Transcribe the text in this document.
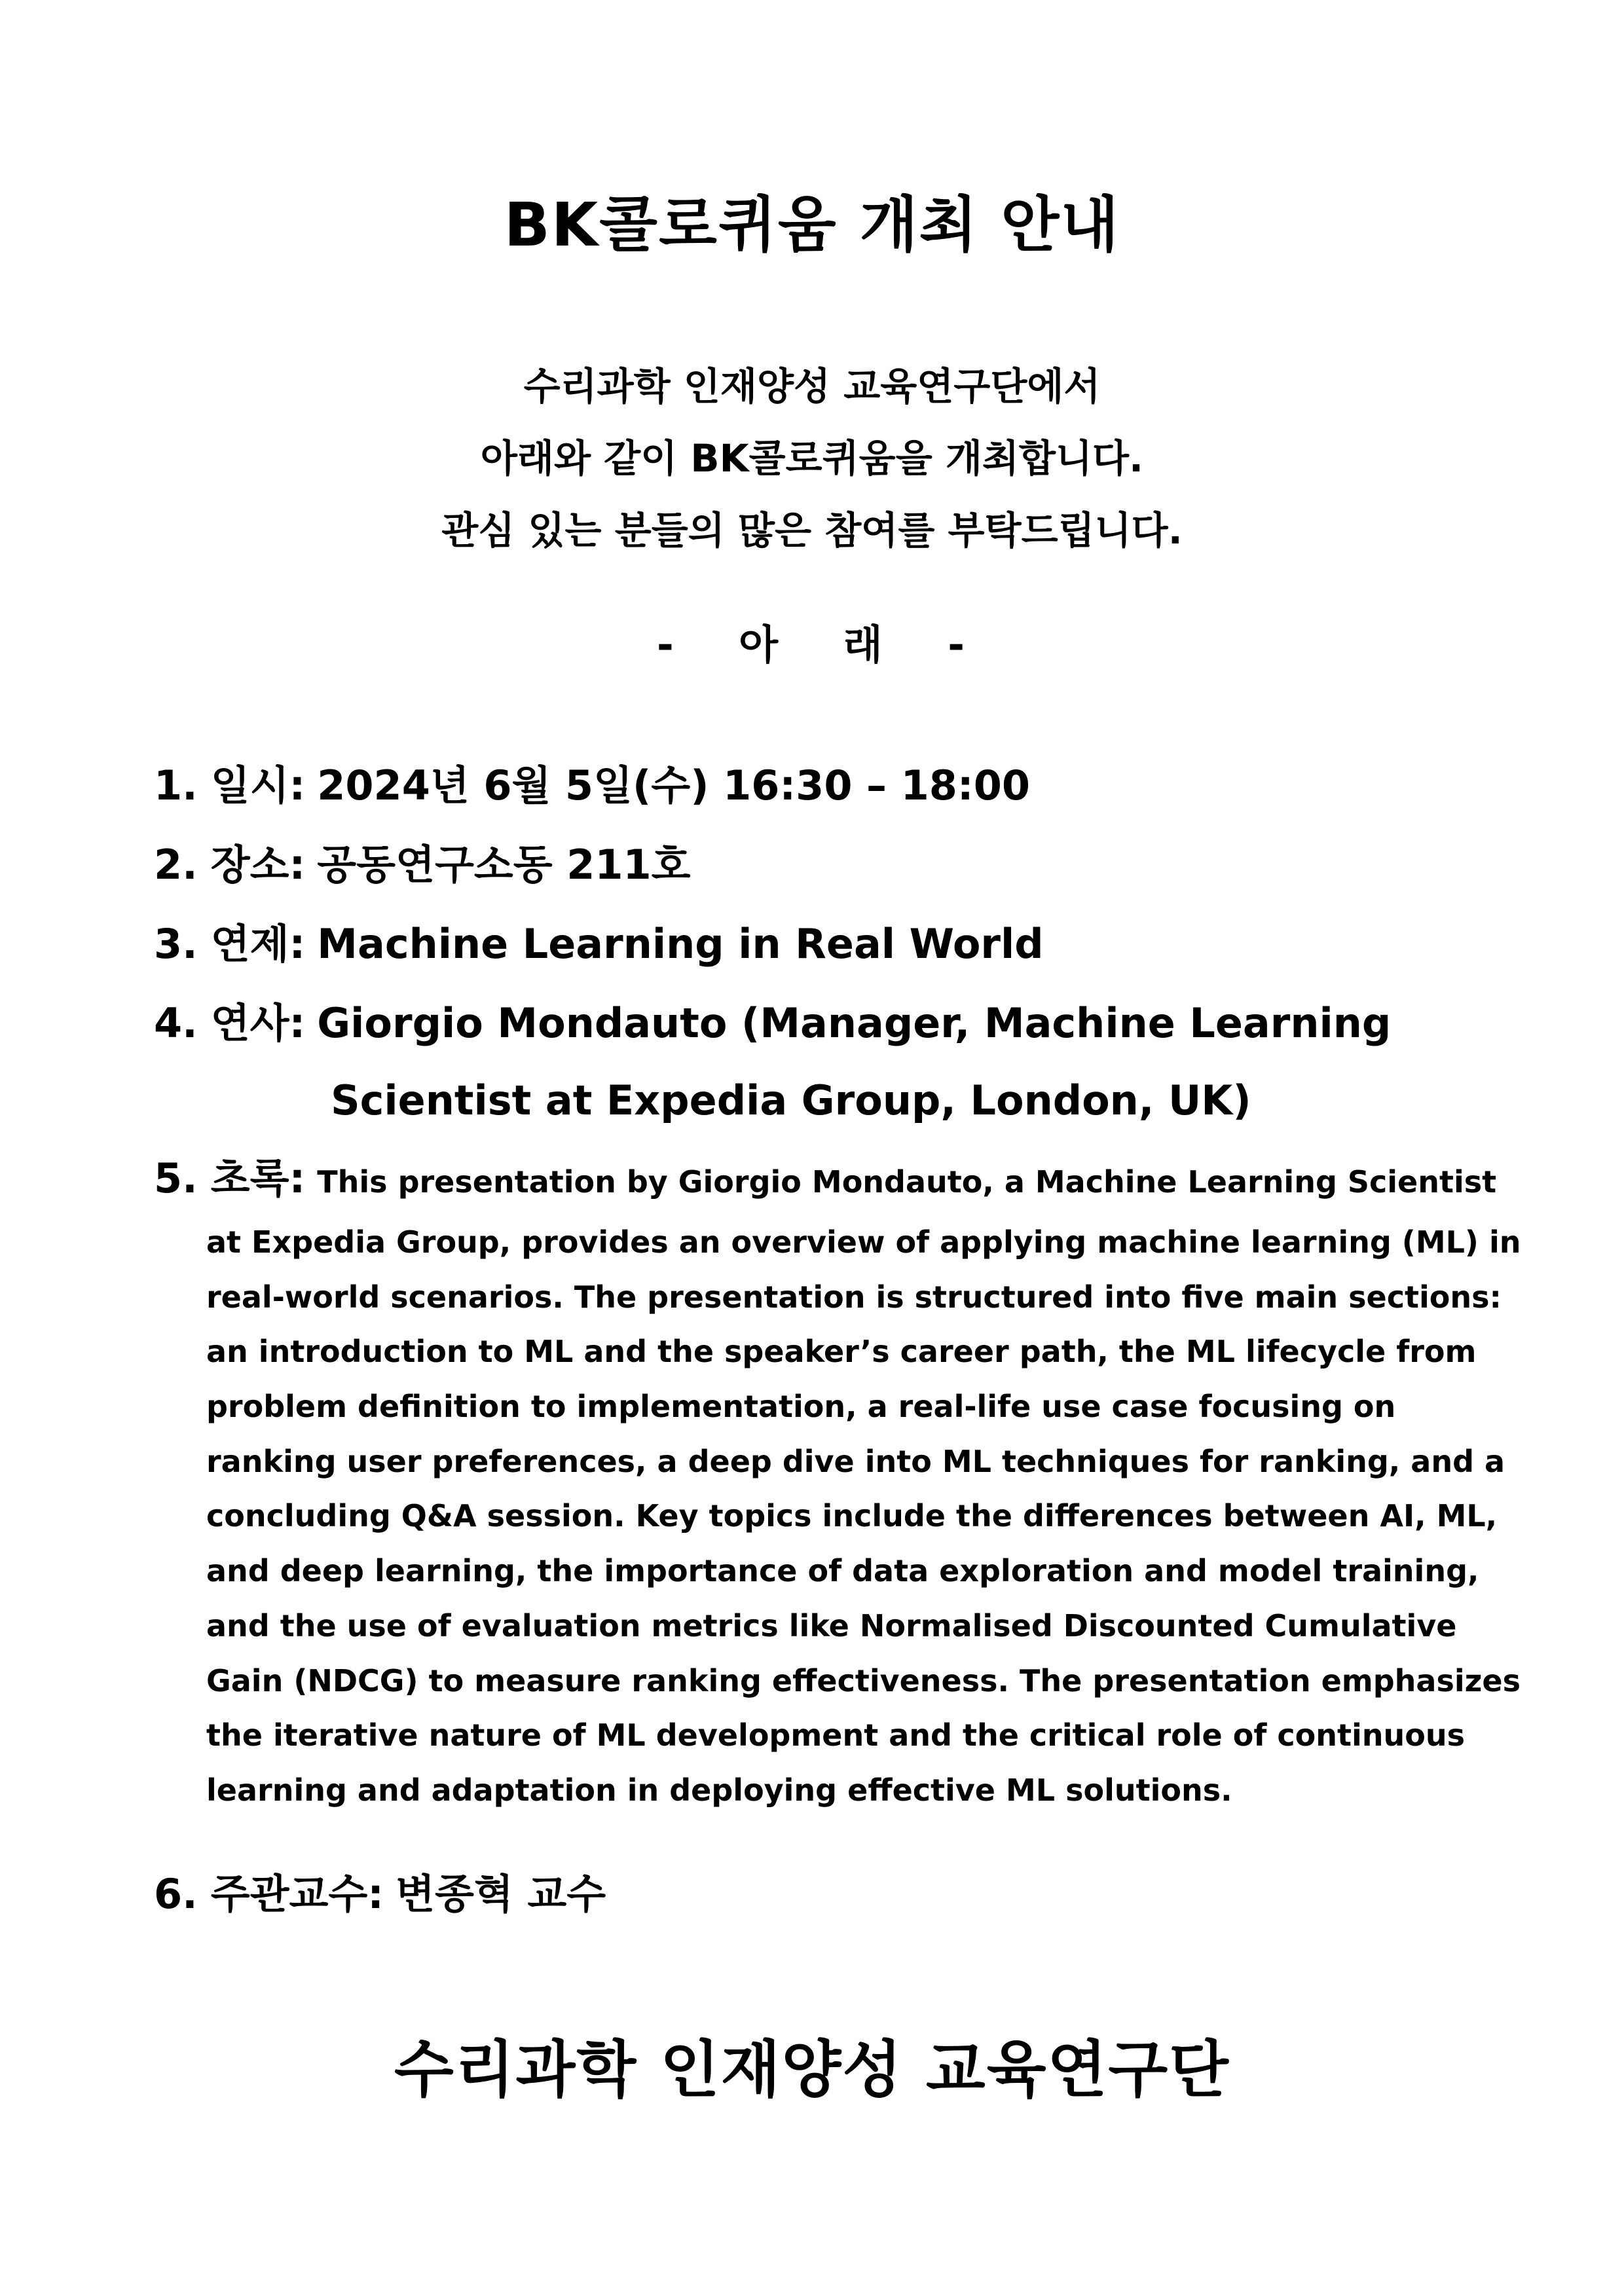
BK콜로퀴움 개최 안내
수리과학 인재양성 교육연구단에서
아래와 같이 BK콜로퀴움을 개최합니다.
관심 있는 분들의 많은 참여를 부탁드립니다.
- 아 래 -
1. 일시: 2024년 6월 5일(수) 16:30 – 18:00
2. 장소: 공동연구소동 211호
3. 연제: Machine Learning in Real World
4. 연사: Giorgio Mondauto (Manager, Machine Learning
Scientist at Expedia Group, London, UK)
5. 초록: This presentation by Giorgio Mondauto, a Machine Learning Scientist
at Expedia Group, provides an overview of applying machine learning (ML) in
real-world scenarios. The presentation is structured into five main sections:
an introduction to ML and the speaker’s career path, the ML lifecycle from
problem definition to implementation, a real-life use case focusing on
ranking user preferences, a deep dive into ML techniques for ranking, and a
concluding Q&A session. Key topics include the differences between AI, ML,
and deep learning, the importance of data exploration and model training,
and the use of evaluation metrics like Normalised Discounted Cumulative
Gain (NDCG) to measure ranking effectiveness. The presentation emphasizes
the iterative nature of ML development and the critical role of continuous
learning and adaptation in deploying effective ML solutions.
6. 주관교수: 변종혁 교수
수리과학 인재양성 교육연구단
